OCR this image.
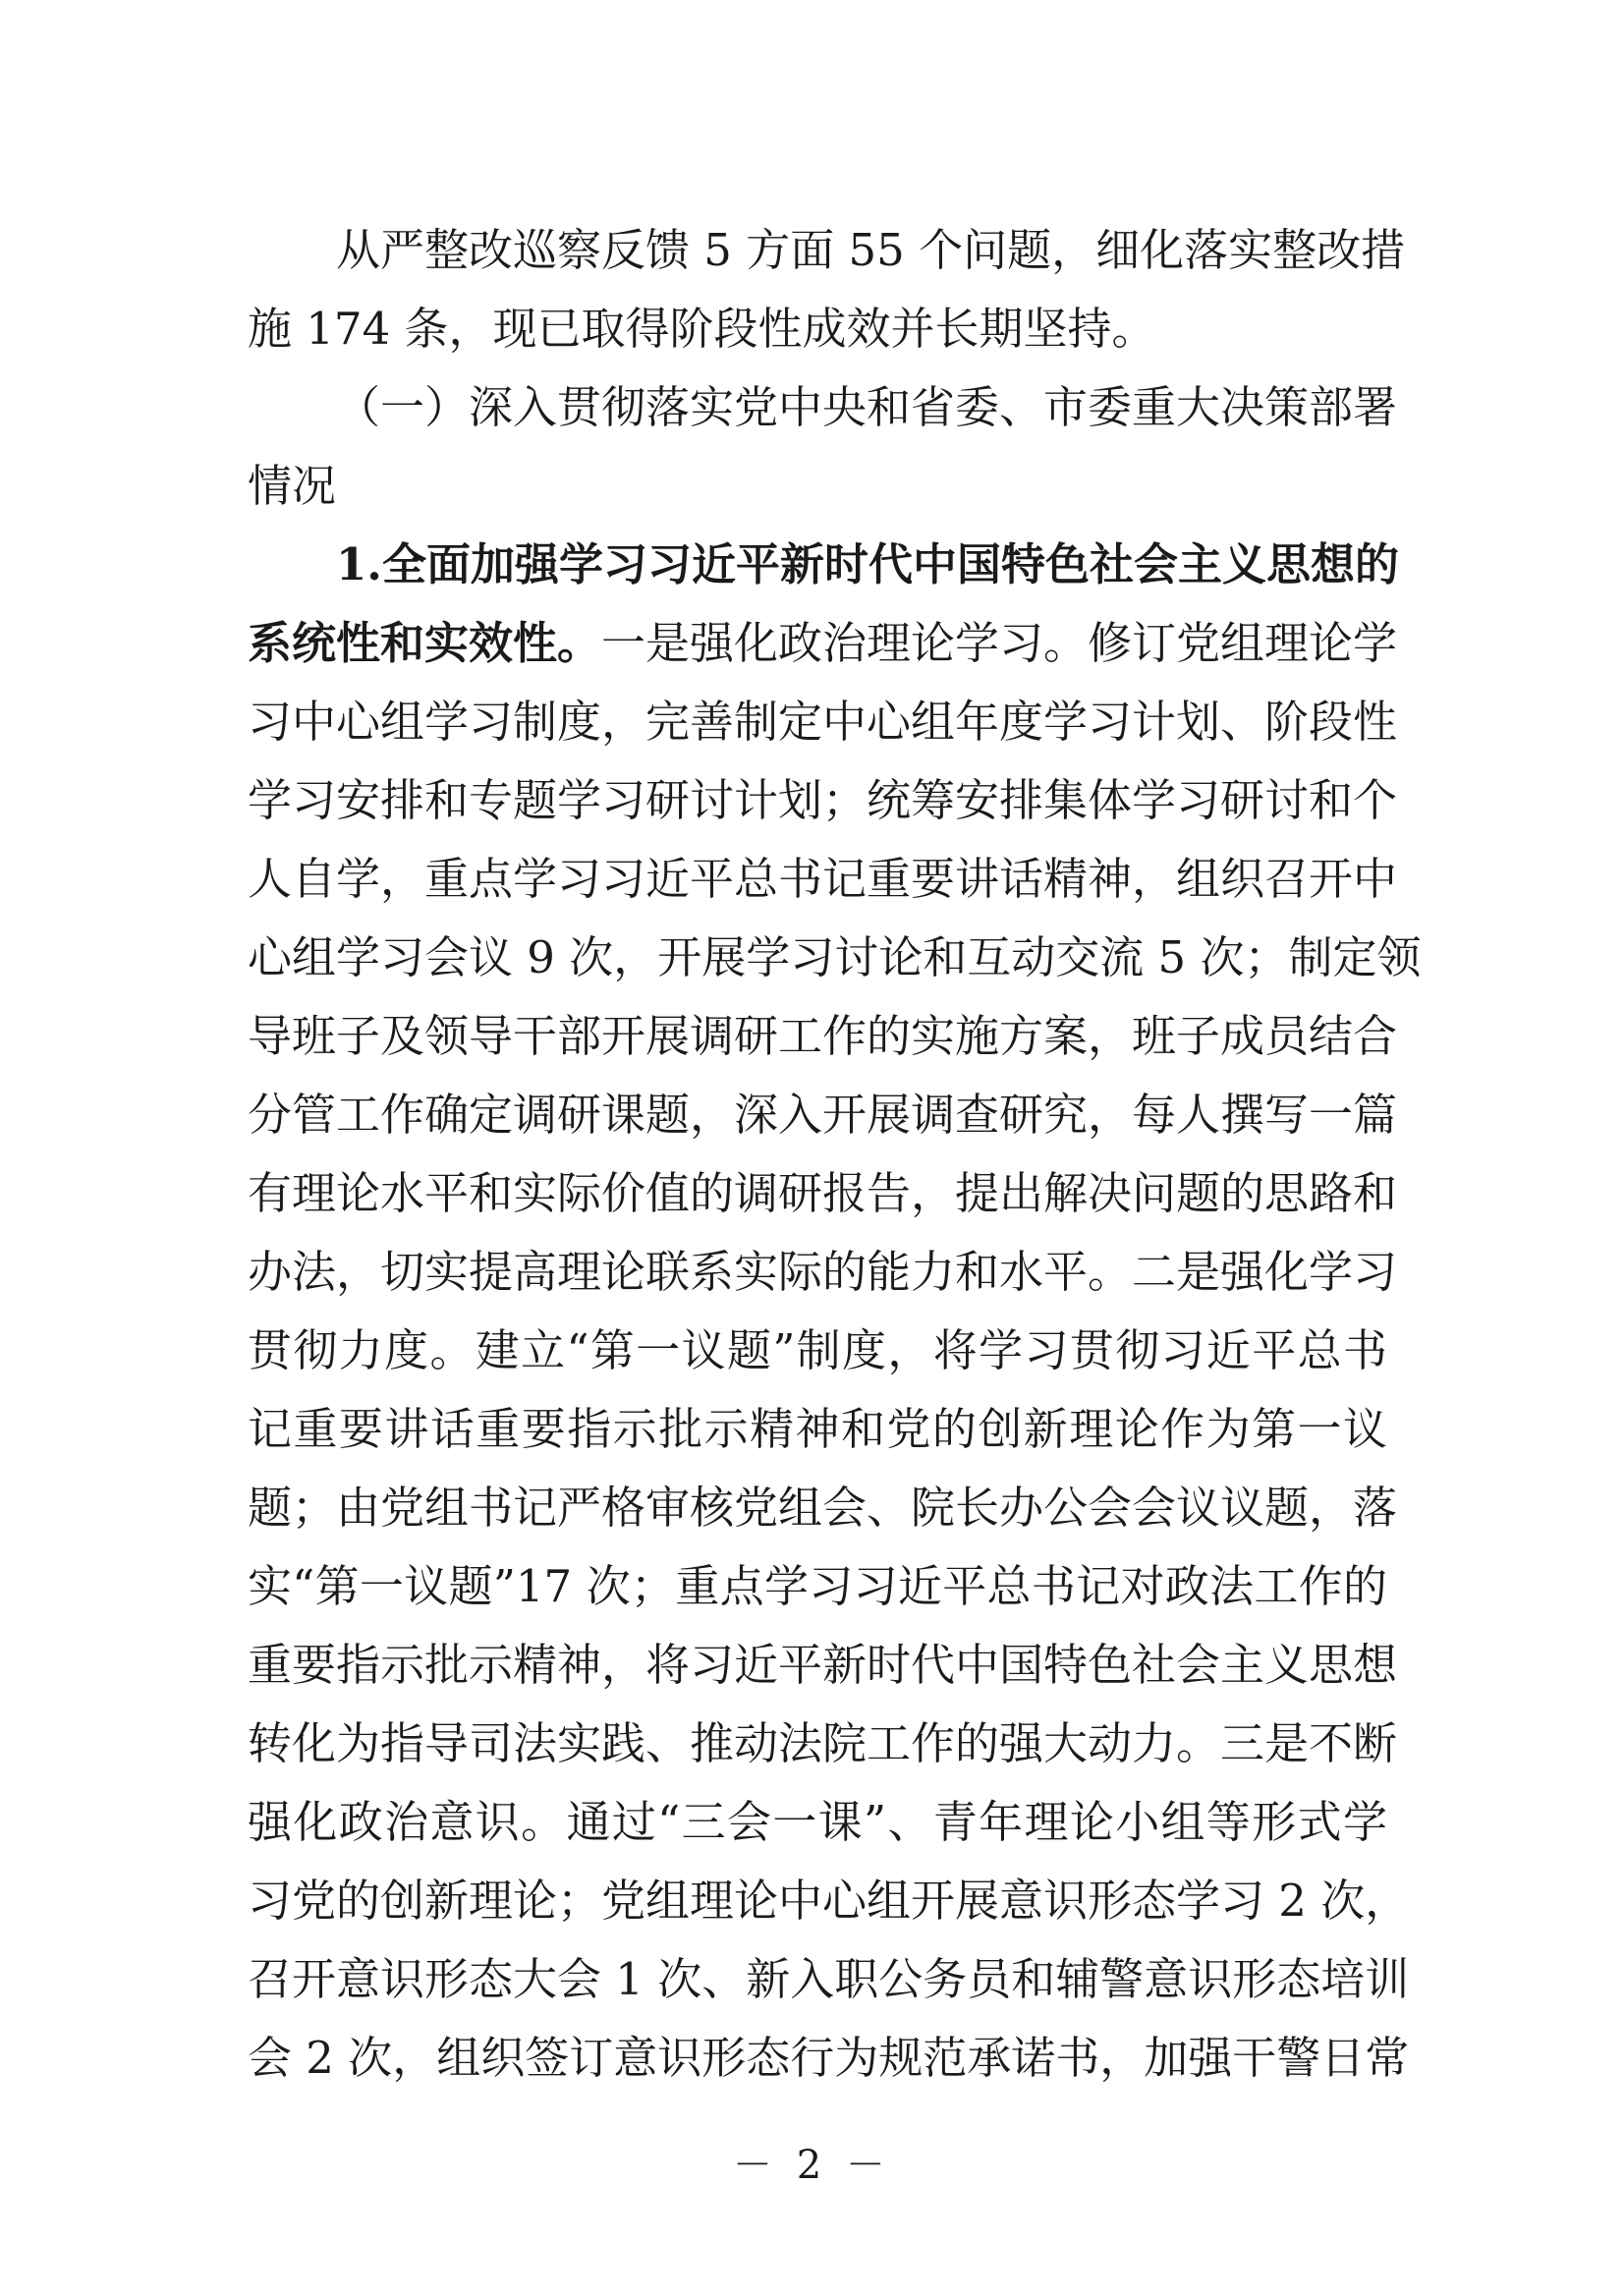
从严整改巡察反馈 5 方面 55 个问题，细化落实整改措
施 174 条，现已取得阶段性成效并长期坚持。
（一）深入贯彻落实党中央和省委、市委重大决策部署
情况
1.全面加强学习习近平新时代中国特色社会主义思想的
系统性和实效性。一是强化政治理论学习。修订党组理论学
习中心组学习制度，完善制定中心组年度学习计划、阶段性
学习安排和专题学习研讨计划；统筹安排集体学习研讨和个
人自学，重点学习习近平总书记重要讲话精神，组织召开中
心组学习会议 9 次，开展学习讨论和互动交流 5 次；制定领
导班子及领导干部开展调研工作的实施方案，班子成员结合
分管工作确定调研课题，深入开展调查研究，每人撰写一篇
有理论水平和实际价值的调研报告，提出解决问题的思路和
办法，切实提高理论联系实际的能力和水平。二是强化学习
贯彻力度。建立“第一议题”制度，将学习贯彻习近平总书
记重要讲话重要指示批示精神和党的创新理论作为第一议
题；由党组书记严格审核党组会、院长办公会会议议题，落
实“第一议题”17 次；重点学习习近平总书记对政法工作的
重要指示批示精神，将习近平新时代中国特色社会主义思想
转化为指导司法实践、推动法院工作的强大动力。三是不断
强化政治意识。通过“三会一课”、青年理论小组等形式学
习党的创新理论；党组理论中心组开展意识形态学习 2 次，
召开意识形态大会 1 次、新入职公务员和辅警意识形态培训
会 2 次，组织签订意识形态行为规范承诺书，加强干警日常
－ 2 －
